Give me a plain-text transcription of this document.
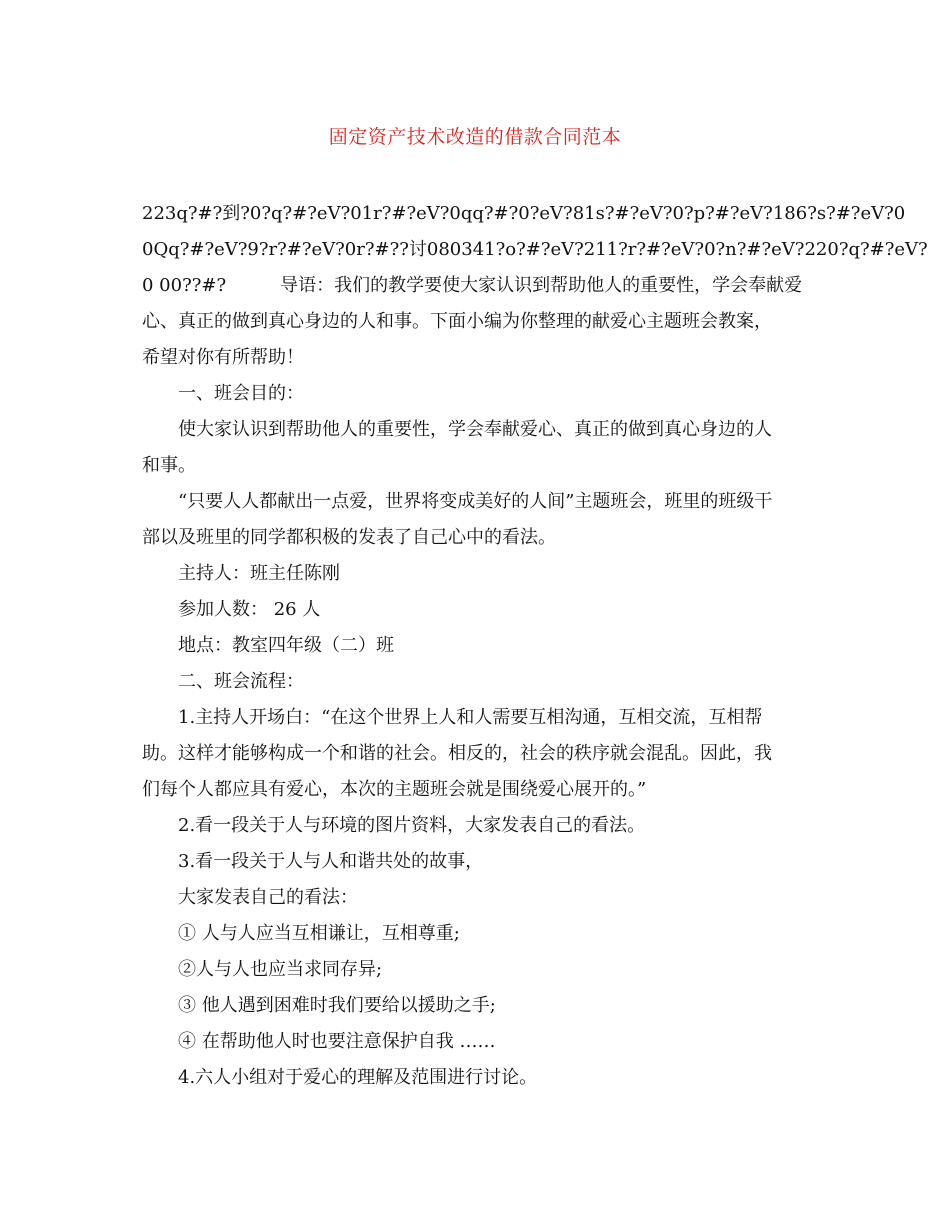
固定资产技术改造的借款合同范本

223q?#?到?0?q?#?eV?01r?#?eV?0qq?#?0?eV?81s?#?eV?0?p?#?eV?186?s?#?eV?0

0Qq?#?eV?9?r?#?eV?0r?#??讨080341?o?#?eV?211?r?#?eV?0?n?#?eV?220?q?#?eV?

0 00??#?　　　导语：我们的教学要使大家认识到帮助他人的重要性，学会奉献爱

心、真正的做到真心身边的人和事。下面小编为你整理的献爱心主题班会教案，

希望对你有所帮助！

一、班会目的：

使大家认识到帮助他人的重要性，学会奉献爱心、真正的做到真心身边的人

和事。

“只要人人都献出一点爱，世界将变成美好的人间”主题班会，班里的班级干

部以及班里的同学都积极的发表了自己心中的看法。

主持人：班主任陈刚

参加人数： 26 人

地点：教室四年级（二）班

二、班会流程：

1.主持人开场白：“在这个世界上人和人需要互相沟通，互相交流，互相帮

助。这样才能够构成一个和谐的社会。相反的，社会的秩序就会混乱。因此，我

们每个人都应具有爱心，本次的主题班会就是围绕爱心展开的。”

2.看一段关于人与环境的图片资料，大家发表自己的看法。

3.看一段关于人与人和谐共处的故事，

大家发表自己的看法：

① 人与人应当互相谦让，互相尊重;

②人与人也应当求同存异;

③ 他人遇到困难时我们要给以援助之手;

④ 在帮助他人时也要注意保护自我 ……

4.六人小组对于爱心的理解及范围进行讨论。
